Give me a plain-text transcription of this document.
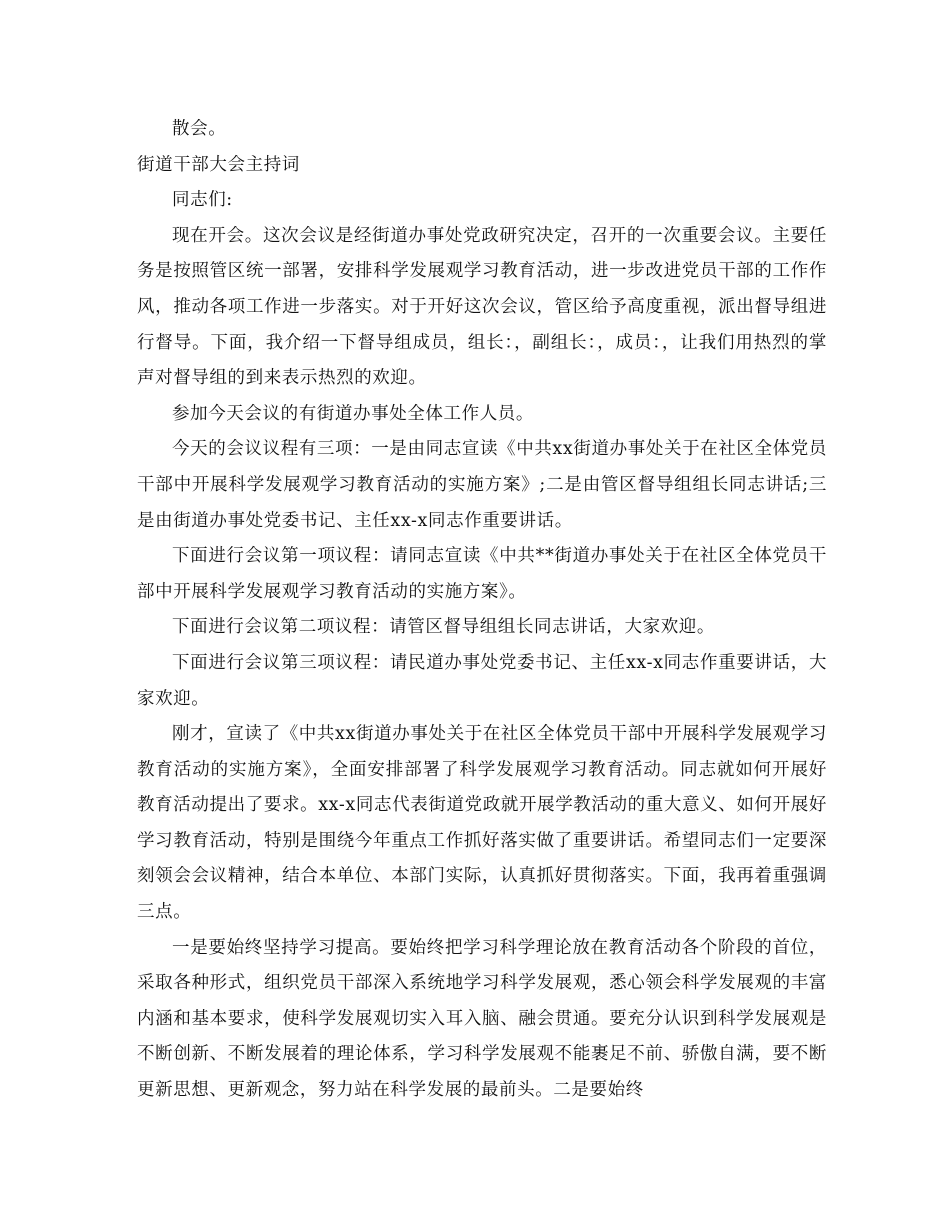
散会。

街道干部大会主持词

同志们:

现在开会。这次会议是经街道办事处党政研究决定，召开的一次重要会议。主要任务是按照管区统一部署，安排科学发展观学习教育活动，进一步改进党员干部的工作作风，推动各项工作进一步落实。对于开好这次会议，管区给予高度重视，派出督导组进行督导。下面，我介绍一下督导组成员，组长：，副组长：，成员：，让我们用热烈的掌声对督导组的到来表示热烈的欢迎。

参加今天会议的有街道办事处全体工作人员。

今天的会议议程有三项：一是由同志宣读《中共xx街道办事处关于在社区全体党员干部中开展科学发展观学习教育活动的实施方案》;二是由管区督导组组长同志讲话;三是由街道办事处党委书记、主任xx-x同志作重要讲话。

下面进行会议第一项议程：请同志宣读《中共**街道办事处关于在社区全体党员干部中开展科学发展观学习教育活动的实施方案》。

下面进行会议第二项议程：请管区督导组组长同志讲话，大家欢迎。

下面进行会议第三项议程：请民道办事处党委书记、主任xx-x同志作重要讲话，大家欢迎。

刚才，宣读了《中共xx街道办事处关于在社区全体党员干部中开展科学发展观学习教育活动的实施方案》，全面安排部署了科学发展观学习教育活动。同志就如何开展好教育活动提出了要求。xx-x同志代表街道党政就开展学教活动的重大意义、如何开展好学习教育活动，特别是围绕今年重点工作抓好落实做了重要讲话。希望同志们一定要深刻领会会议精神，结合本单位、本部门实际，认真抓好贯彻落实。下面，我再着重强调三点。

一是要始终坚持学习提高。要始终把学习科学理论放在教育活动各个阶段的首位，采取各种形式，组织党员干部深入系统地学习科学发展观，悉心领会科学发展观的丰富内涵和基本要求，使科学发展观切实入耳入脑、融会贯通。要充分认识到科学发展观是不断创新、不断发展着的理论体系，学习科学发展观不能裹足不前、骄傲自满，要不断更新思想、更新观念，努力站在科学发展的最前头。二是要始终
